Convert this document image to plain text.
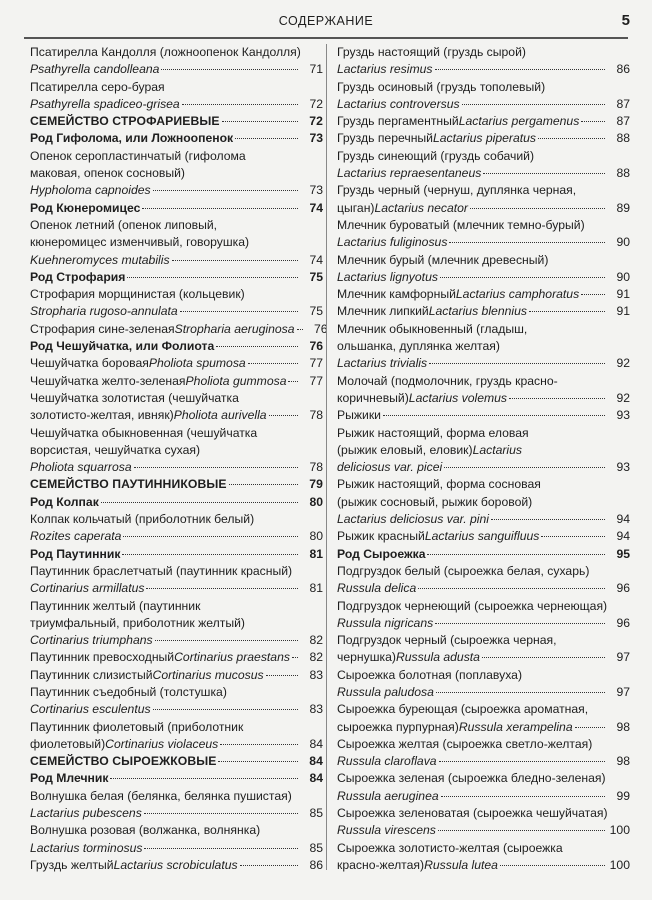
СОДЕРЖАНИЕ	5
Псатирелла Кандолля (ложноопенок Кандолля)
Psathyrella candolleana	71
Псатирелла серо-бурая
Psathyrella spadiceo-grisea	72
СЕМЕЙСТВО СТРОФАРИЕВЫЕ	72
Род Гифолома, или Ложноопенок	73
Опенок серопластинчатый (гифолома
маковая, опенок сосновый)
Hypholoma capnoides	73
Род Кюнеромицес	74
Опенок летний (опенок липовый,
кюнеромицес изменчивый, говорушка)
Kuehneromyces mutabilis	74
Род Строфария	75
Строфария морщинистая (кольцевик)
Stropharia rugoso-annulata	75
Строфария сине-зеленая Stropharia aeruginosa	76
Род Чешуйчатка, или Фолиота	76
Чешуйчатка боровая Pholiota spumosa	77
Чешуйчатка желто-зеленая Pholiota gummosa	77
Чешуйчатка золотистая (чешуйчатка
золотисто-желтая, ивняк) Pholiota aurivella	78
Чешуйчатка обыкновенная (чешуйчатка
ворсистая, чешуйчатка сухая)
Pholiota squarrosa	78
СЕМЕЙСТВО ПАУТИННИКОВЫЕ	79
Род Колпак	80
Колпак кольчатый (приболотник белый)
Rozites caperata	80
Род Паутинник	81
Паутинник браслетчатый (паутинник красный)
Cortinarius armillatus	81
Паутинник желтый (паутинник
триумфальный, приболотник желтый)
Cortinarius triumphans	82
Паутинник превосходный Cortinarius praestans	82
Паутинник слизистый Cortinarius mucosus	83
Паутинник съедобный (толстушка)
Cortinarius esculentus	83
Паутинник фиолетовый (приболотник
фиолетовый) Cortinarius violaceus	84
СЕМЕЙСТВО СЫРОЕЖКОВЫЕ	84
Род Млечник	84
Волнушка белая (белянка, белянка пушистая)
Lactarius pubescens	85
Волнушка розовая (волжанка, волнянка)
Lactarius torminosus	85
Груздь желтый Lactarius scrobiculatus	86
Груздь настоящий (груздь сырой)
Lactarius resimus	86
Груздь осиновый (груздь тополевый)
Lactarius controversus	87
Груздь пергаментный Lactarius pergamenus	87
Груздь перечный Lactarius piperatus	88
Груздь синеющий (груздь собачий)
Lactarius repraesentaneus	88
Груздь черный (чернуш, дуплянка черная,
цыган) Lactarius necator	89
Млечник буроватый (млечник темно-бурый)
Lactarius fuliginosus	90
Млечник бурый (млечник древесный)
Lactarius lignyotus	90
Млечник камфорный Lactarius camphoratus	91
Млечник липкий Lactarius blennius	91
Млечник обыкновенный (гладыш,
ольшанка, дуплянка желтая)
Lactarius trivialis	92
Молочай (подмолочник, груздь красно-
коричневый) Lactarius volemus	92
Рыжики	93
Рыжик настоящий, форма еловая
(рыжик еловый, еловик) Lactarius
deliciosus var. picei	93
Рыжик настоящий, форма сосновая
(рыжик сосновый, рыжик боровой)
Lactarius deliciosus var. pini	94
Рыжик красный Lactarius sanguifluus	94
Род Сыроежка	95
Подгруздок белый (сыроежка белая, сухарь)
Russula delica	96
Подгруздок чернеющий (сыроежка чернеющая)
Russula nigricans	96
Подгруздок черный (сыроежка черная,
чернушка) Russula adusta	97
Сыроежка болотная (поплавуха)
Russula paludosa	97
Сыроежка буреющая (сыроежка ароматная,
сыроежка пурпурная) Russula xerampelina	98
Сыроежка желтая (сыроежка светло-желтая)
Russula claroflava	98
Сыроежка зеленая (сыроежка бледно-зеленая)
Russula aeruginea	99
Сыроежка зеленоватая (сыроежка чешуйчатая)
Russula virescens	100
Сыроежка золотисто-желтая (сыроежка
красно-желтая) Russula lutea	100
